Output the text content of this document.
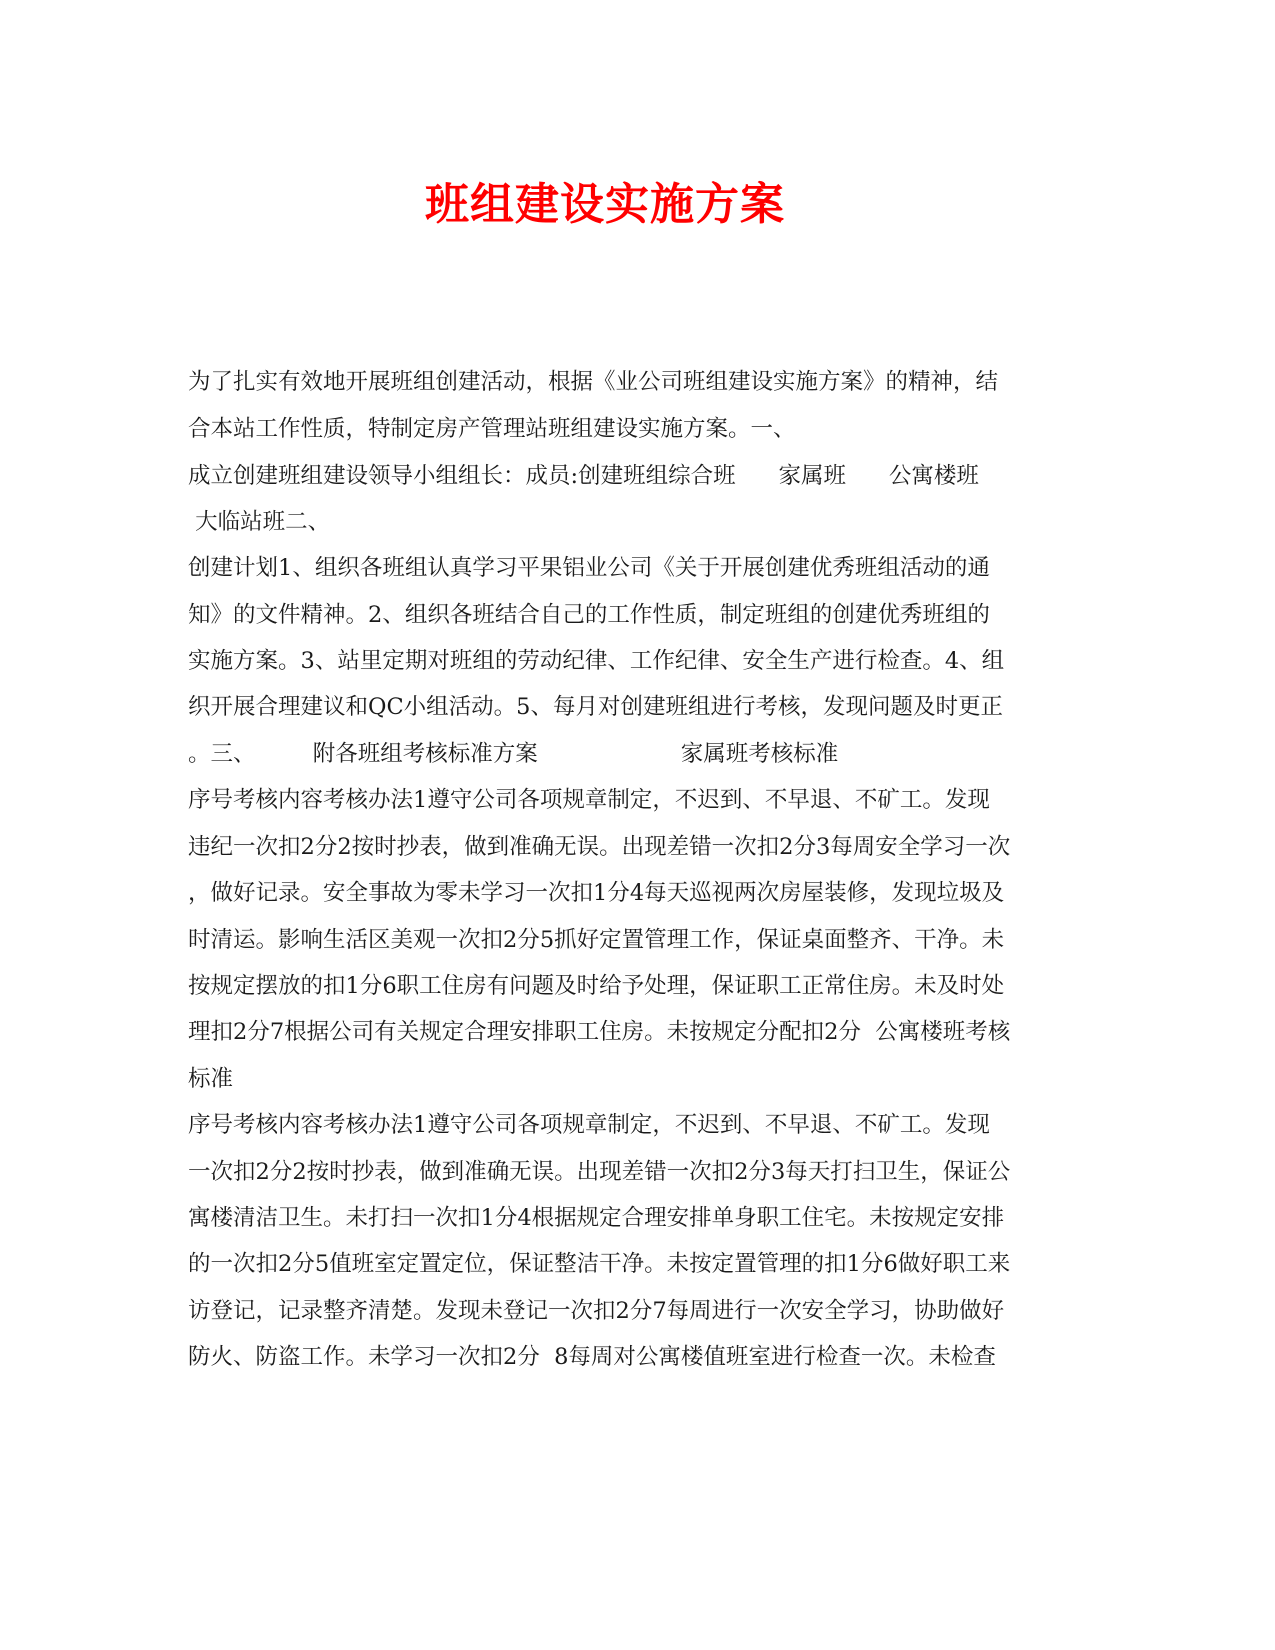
班组建设实施方案

为了扎实有效地开展班组创建活动，根据《业公司班组建设实施方案》的精神，结

合本站工作性质，特制定房产管理站班组建设实施方案。一、

成立创建班组建设领导小组组长：成员:创建班组综合班      家属班      公寓楼班

大临站班二、

创建计划1、组织各班组认真学习平果铝业公司《关于开展创建优秀班组活动的通

知》的文件精神。2、组织各班结合自己的工作性质，制定班组的创建优秀班组的

实施方案。3、站里定期对班组的劳动纪律、工作纪律、安全生产进行检查。4、组

织开展合理建议和QC小组活动。5、每月对创建班组进行考核，发现问题及时更正

。三、        附各班组考核标准方案                    家属班考核标准

序号考核内容考核办法1遵守公司各项规章制定，不迟到、不早退、不矿工。发现

违纪一次扣2分2按时抄表，做到准确无误。出现差错一次扣2分3每周安全学习一次

，做好记录。安全事故为零未学习一次扣1分4每天巡视两次房屋装修，发现垃圾及

时清运。影响生活区美观一次扣2分5抓好定置管理工作，保证桌面整齐、干净。未

按规定摆放的扣1分6职工住房有问题及时给予处理，保证职工正常住房。未及时处

理扣2分7根据公司有关规定合理安排职工住房。未按规定分配扣2分  公寓楼班考核

标准

序号考核内容考核办法1遵守公司各项规章制定，不迟到、不早退、不矿工。发现

一次扣2分2按时抄表，做到准确无误。出现差错一次扣2分3每天打扫卫生，保证公

寓楼清洁卫生。未打扫一次扣1分4根据规定合理安排单身职工住宅。未按规定安排

的一次扣2分5值班室定置定位，保证整洁干净。未按定置管理的扣1分6做好职工来

访登记，记录整齐清楚。发现未登记一次扣2分7每周进行一次安全学习，协助做好

防火、防盗工作。未学习一次扣2分  8每周对公寓楼值班室进行检查一次。未检查
